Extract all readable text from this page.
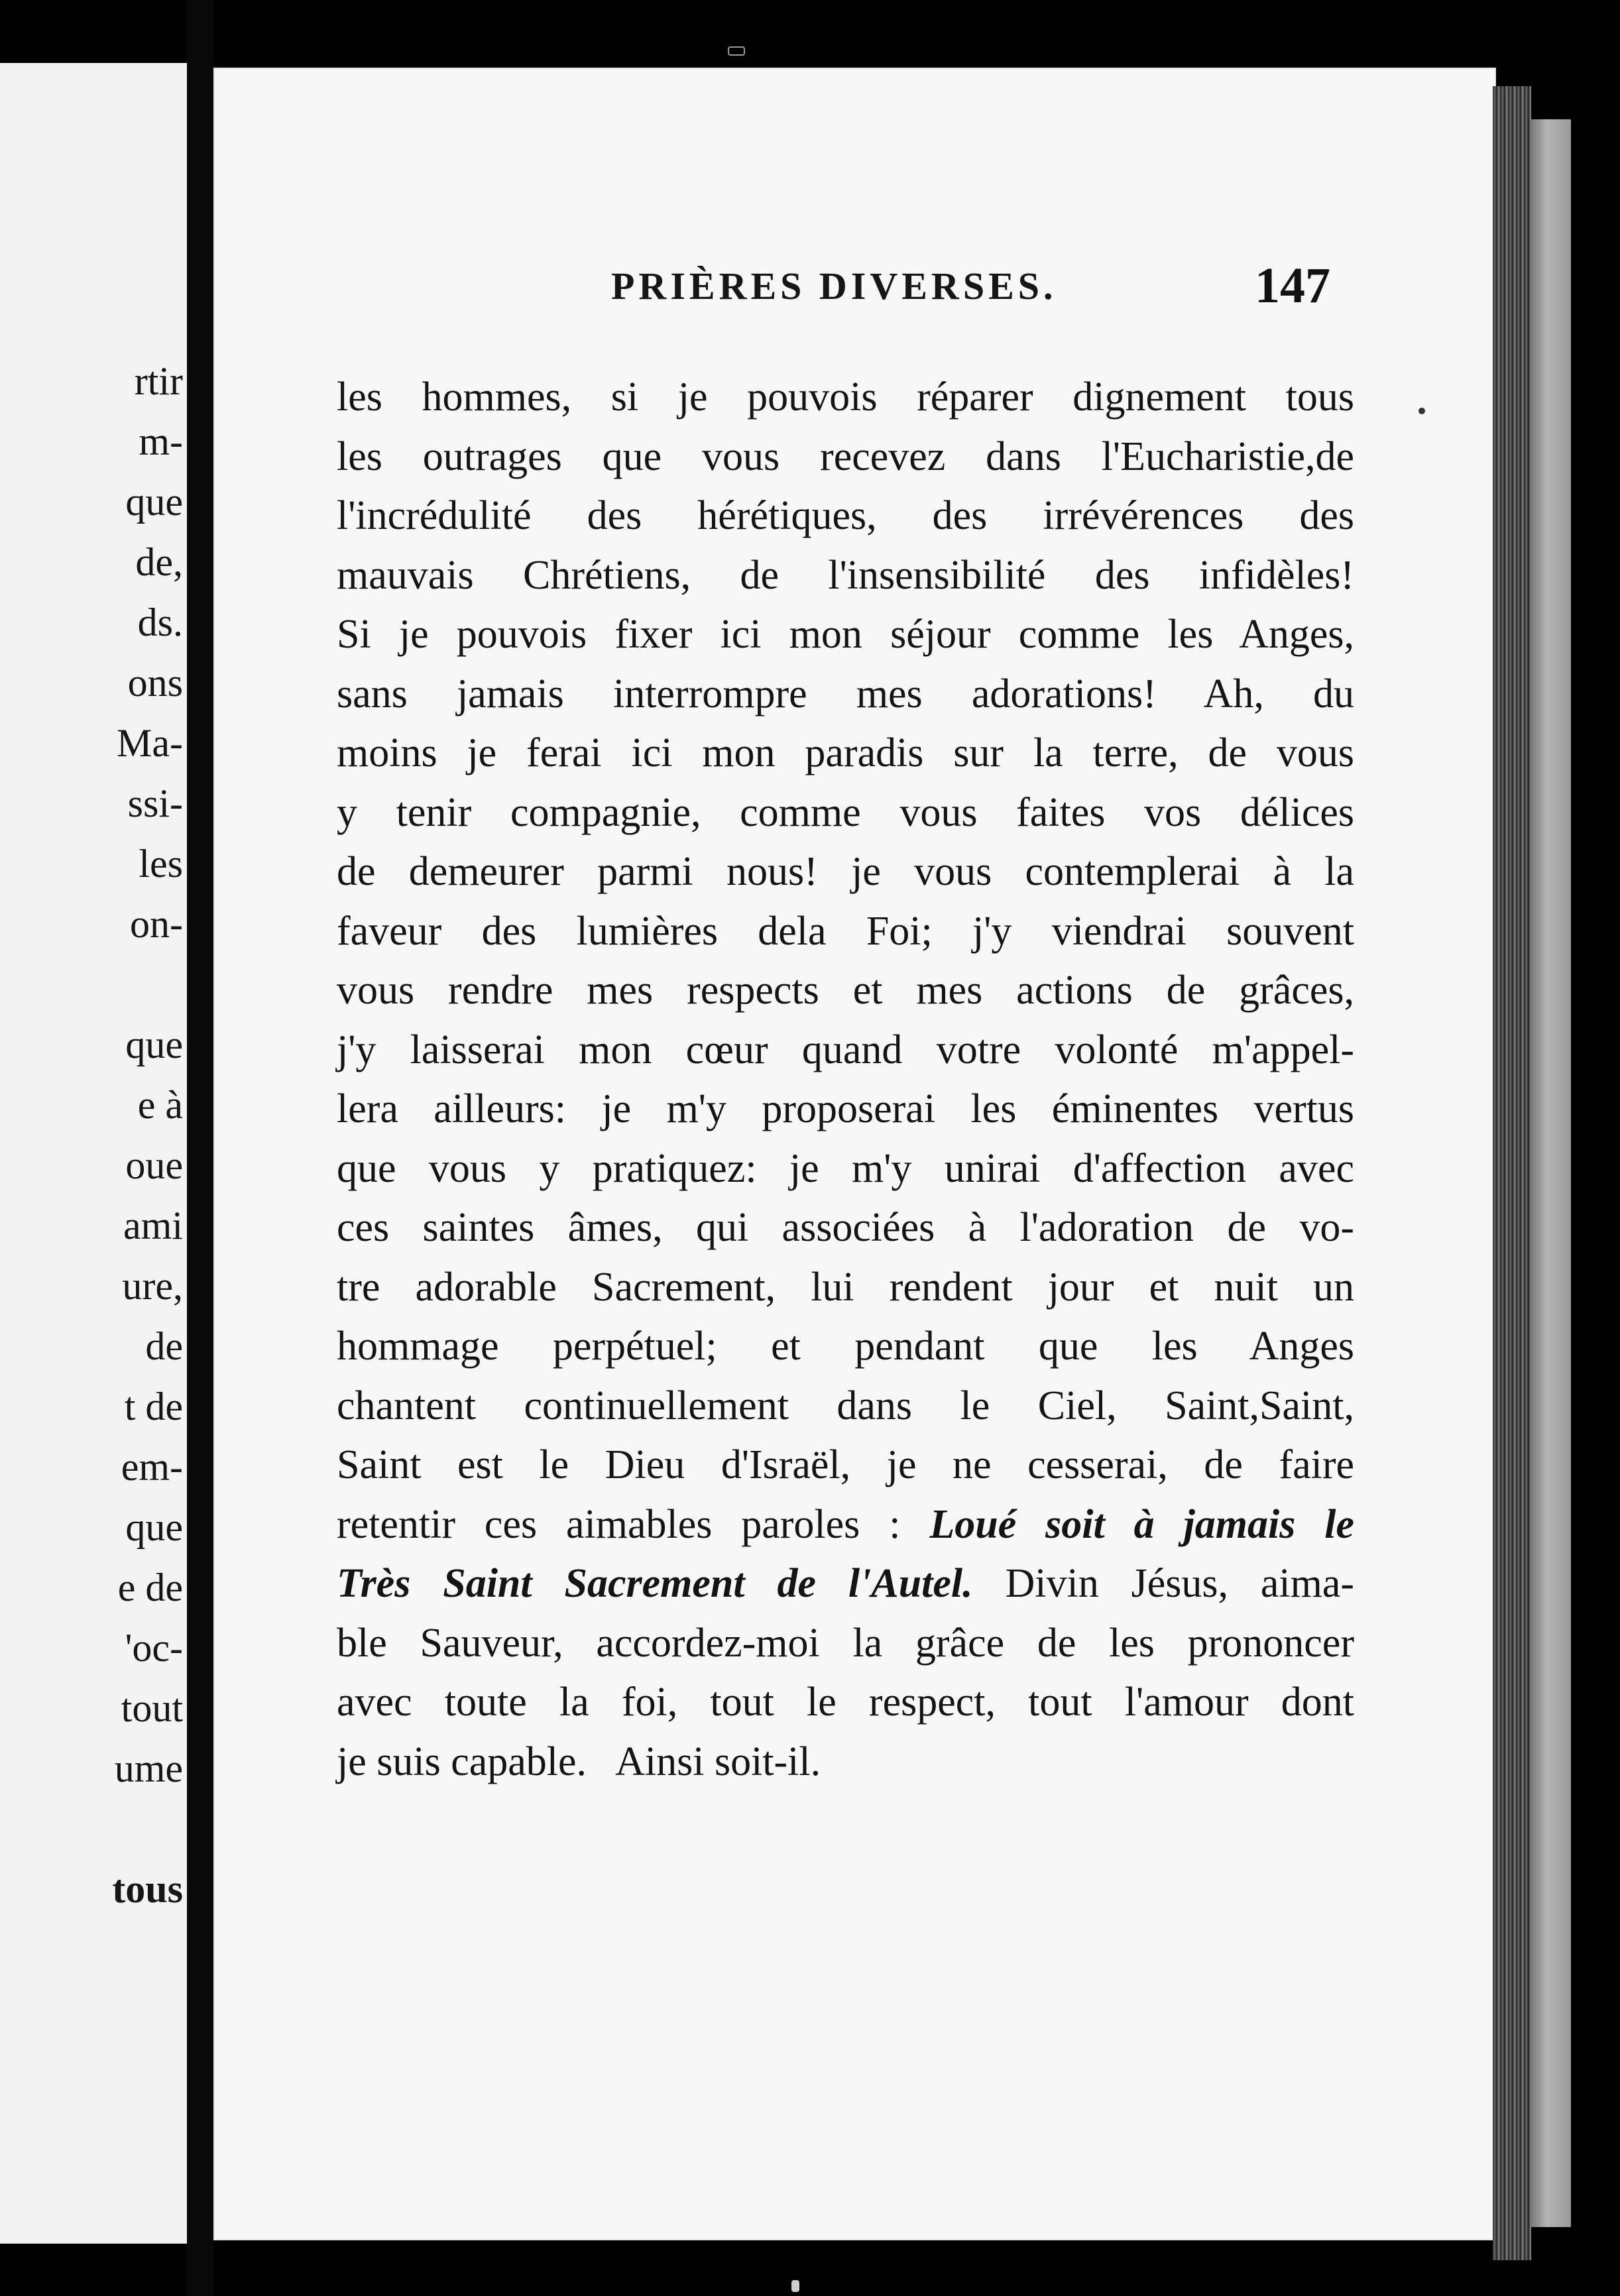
rtir
m-
que
de,
ds.
ons
Ma-
ssi-
les
on-
que
e à
oue
ami
ure,
de
t de
em-
que
e de
'oc-
tout
ume
tous
PRIÈRES DIVERSES.	147
les hommes, si je pouvois réparer dignement tous
les outrages que vous recevez dans l'Eucharistie,de
l'incrédulité des hérétiques, des irrévérences des
mauvais Chrétiens, de l'insensibilité des infidèles!
Si je pouvois fixer ici mon séjour comme les Anges,
sans jamais interrompre mes adorations! Ah, du
moins je ferai ici mon paradis sur la terre, de vous
y tenir compagnie, comme vous faites vos délices
de demeurer parmi nous! je vous contemplerai à la
faveur des lumières dela Foi; j'y viendrai souvent
vous rendre mes respects et mes actions de grâces,
j'y laisserai mon cœur quand votre volonté m'appel-
lera ailleurs: je m'y proposerai les éminentes vertus
que vous y pratiquez: je m'y unirai d'affection avec
ces saintes âmes, qui associées à l'adoration de vo-
tre adorable Sacrement, lui rendent jour et nuit un
hommage perpétuel; et pendant que les Anges
chantent continuellement dans le Ciel, Saint,Saint,
Saint est le Dieu d'Israël, je ne cesserai, de faire
retentir ces aimables paroles : Loué soit à jamais le
Très Saint Sacrement de l'Autel. Divin Jésus, aima-
ble Sauveur, accordez-moi la grâce de les prononcer
avec toute la foi, tout le respect, tout l'amour dont
je suis capable.   Ainsi soit-il.
